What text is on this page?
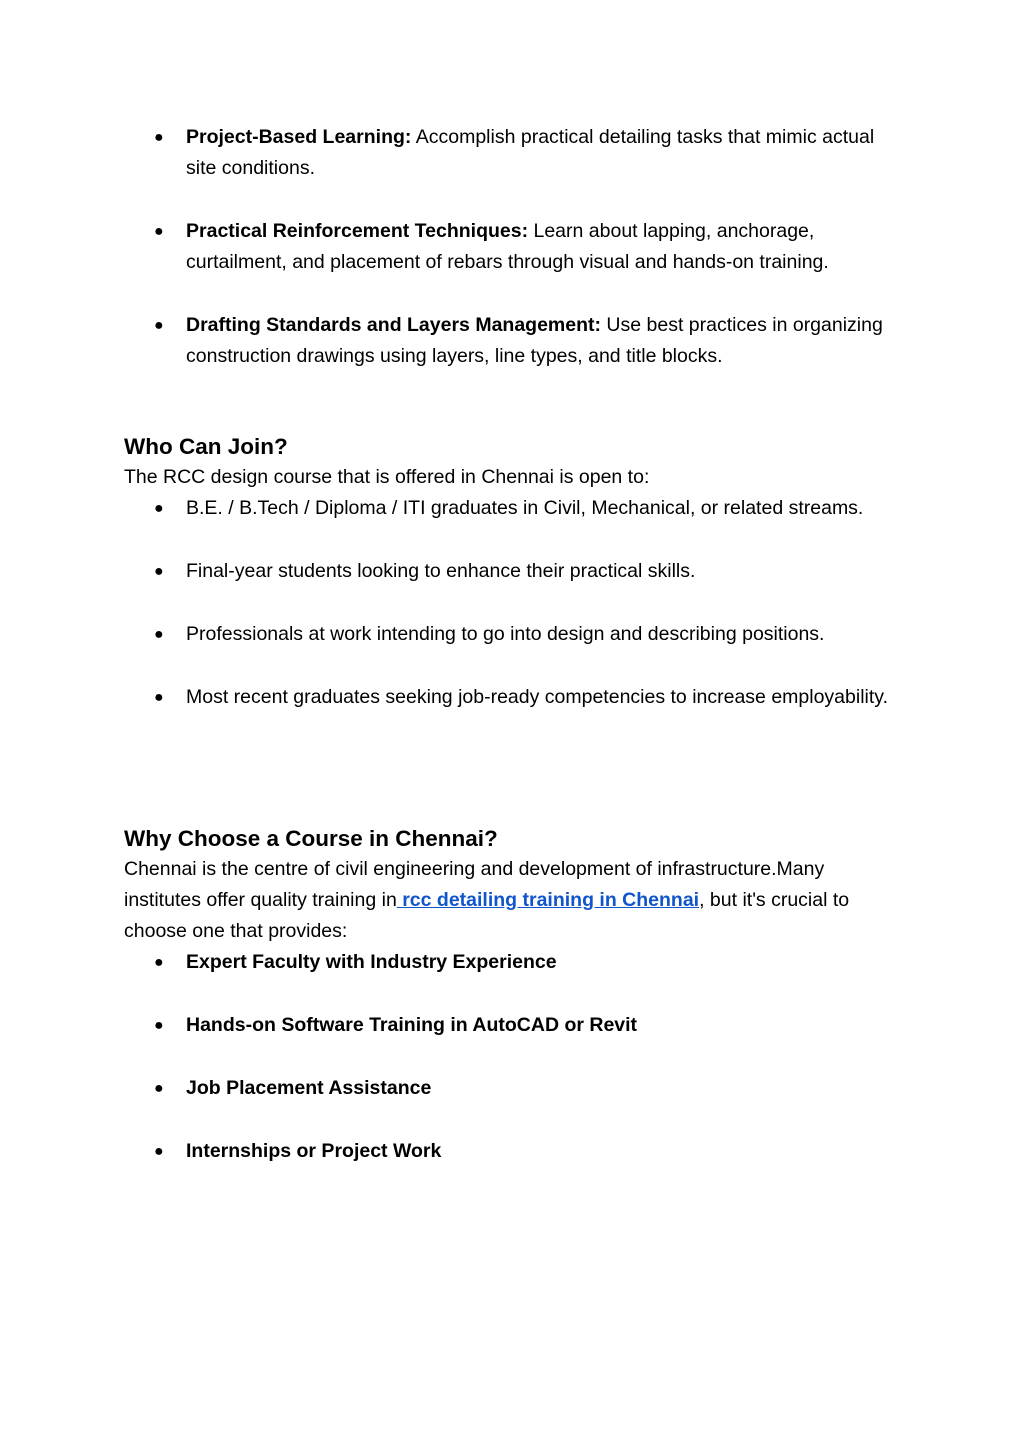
● Project-Based Learning: Accomplish practical detailing tasks that mimic actual site conditions.
● Practical Reinforcement Techniques: Learn about lapping, anchorage, curtailment, and placement of rebars through visual and hands-on training.
● Drafting Standards and Layers Management: Use best practices in organizing construction drawings using layers, line types, and title blocks.
Who Can Join?

The RCC design course that is offered in Chennai is open to:

● B.E. / B.Tech / Diploma / ITI graduates in Civil, Mechanical, or related streams.
● Final-year students looking to enhance their practical skills.
● Professionals at work intending to go into design and describing positions.
● Most recent graduates seeking job-ready competencies to increase employability.
Why Choose a Course in Chennai?

Chennai is the centre of civil engineering and development of infrastructure.Many institutes offer quality training in rcc detailing training in Chennai, but it's crucial to choose one that provides:

● Expert Faculty with Industry Experience
● Hands-on Software Training in AutoCAD or Revit
● Job Placement Assistance
● Internships or Project Work
